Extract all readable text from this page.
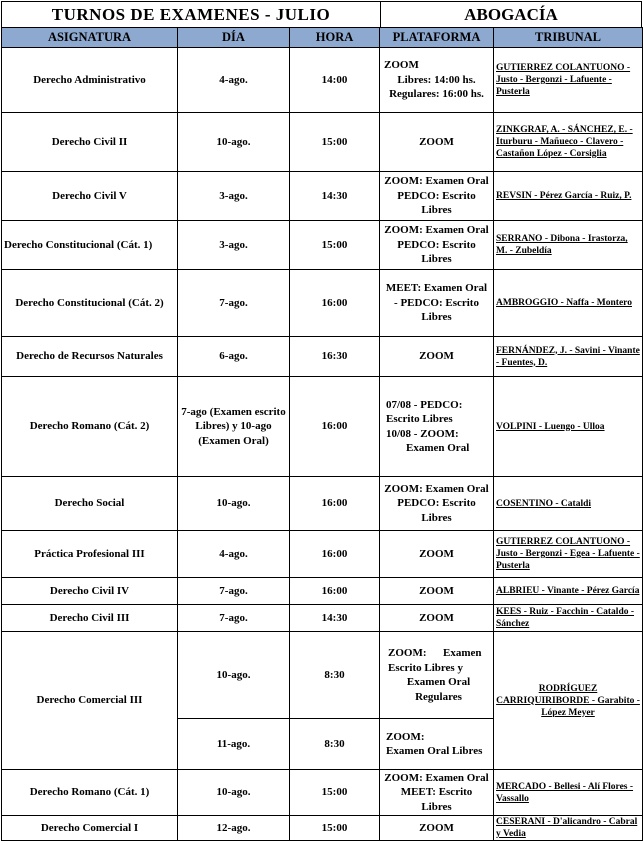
TURNOS DE EXAMENES - JULIO	ABOGACÍA
ASIGNATURA	DÍA	HORA	PLATAFORMA	TRIBUNAL
Derecho Administrativo	4-ago.	14:00	ZOOM
Libres: 14:00 hs.
Regulares: 16:00 hs.	GUTIERREZ COLANTUONO - Justo - Bergonzi - Lafuente - Pusterla
Derecho Civil II	10-ago.	15:00	ZOOM	ZINKGRAF, A. - SÁNCHEZ, E. - Iturburu - Mañueco - Clavero - Castañon López - Corsiglia
Derecho Civil V	3-ago.	14:30	ZOOM: Examen Oral
PEDCO: Escrito
Libres	REVSIN - Pérez García - Ruiz, P.
Derecho Constitucional (Cát. 1)	3-ago.	15:00	ZOOM: Examen Oral
PEDCO: Escrito
Libres	SERRANO - Dibona - Irastorza, M. - Zubeldía
Derecho Constitucional (Cát. 2)	7-ago.	16:00	MEET: Examen Oral
- PEDCO: Escrito
Libres	AMBROGGIO - Naffa - Montero
Derecho de Recursos Naturales	6-ago.	16:30	ZOOM	FERNÁNDEZ, J. - Savini - Vinante - Fuentes, D.
Derecho Romano (Cát. 2)	7-ago (Examen escrito Libres) y 10-ago (Examen Oral)	16:00	07/08 - PEDCO:
Escrito Libres
10/08 - ZOOM:
Examen Oral	VOLPINI - Luengo - Ulloa
Derecho Social	10-ago.	16:00	ZOOM: Examen Oral
PEDCO: Escrito
Libres	COSENTINO - Cataldi
Práctica Profesional III	4-ago.	16:00	ZOOM	GUTIERREZ COLANTUONO - Justo - Bergonzi - Egea - Lafuente - Pusterla
Derecho Civil IV	7-ago.	16:00	ZOOM	ALBRIEU - Vinante - Pérez García
Derecho Civil III	7-ago.	14:30	ZOOM	KEES - Ruiz - Facchin - Cataldo - Sánchez
Derecho Comercial III	10-ago.	8:30	ZOOM:      Examen
Escrito Libres y
Examen Oral
Regulares	RODRÍGUEZ CARRIQUIRIBORDE - Garabito - López Meyer
	11-ago.	8:30	ZOOM:
Examen Oral Libres	

Derecho Romano (Cát. 1)	10-ago.	15:00	ZOOM: Examen Oral
MEET: Escrito
Libres	MERCADO - Bellesi - Alí Flores - Vassallo
Derecho Comercial I	12-ago.	15:00	ZOOM	CESERANI - D'alicandro - Cabral y Vedia
